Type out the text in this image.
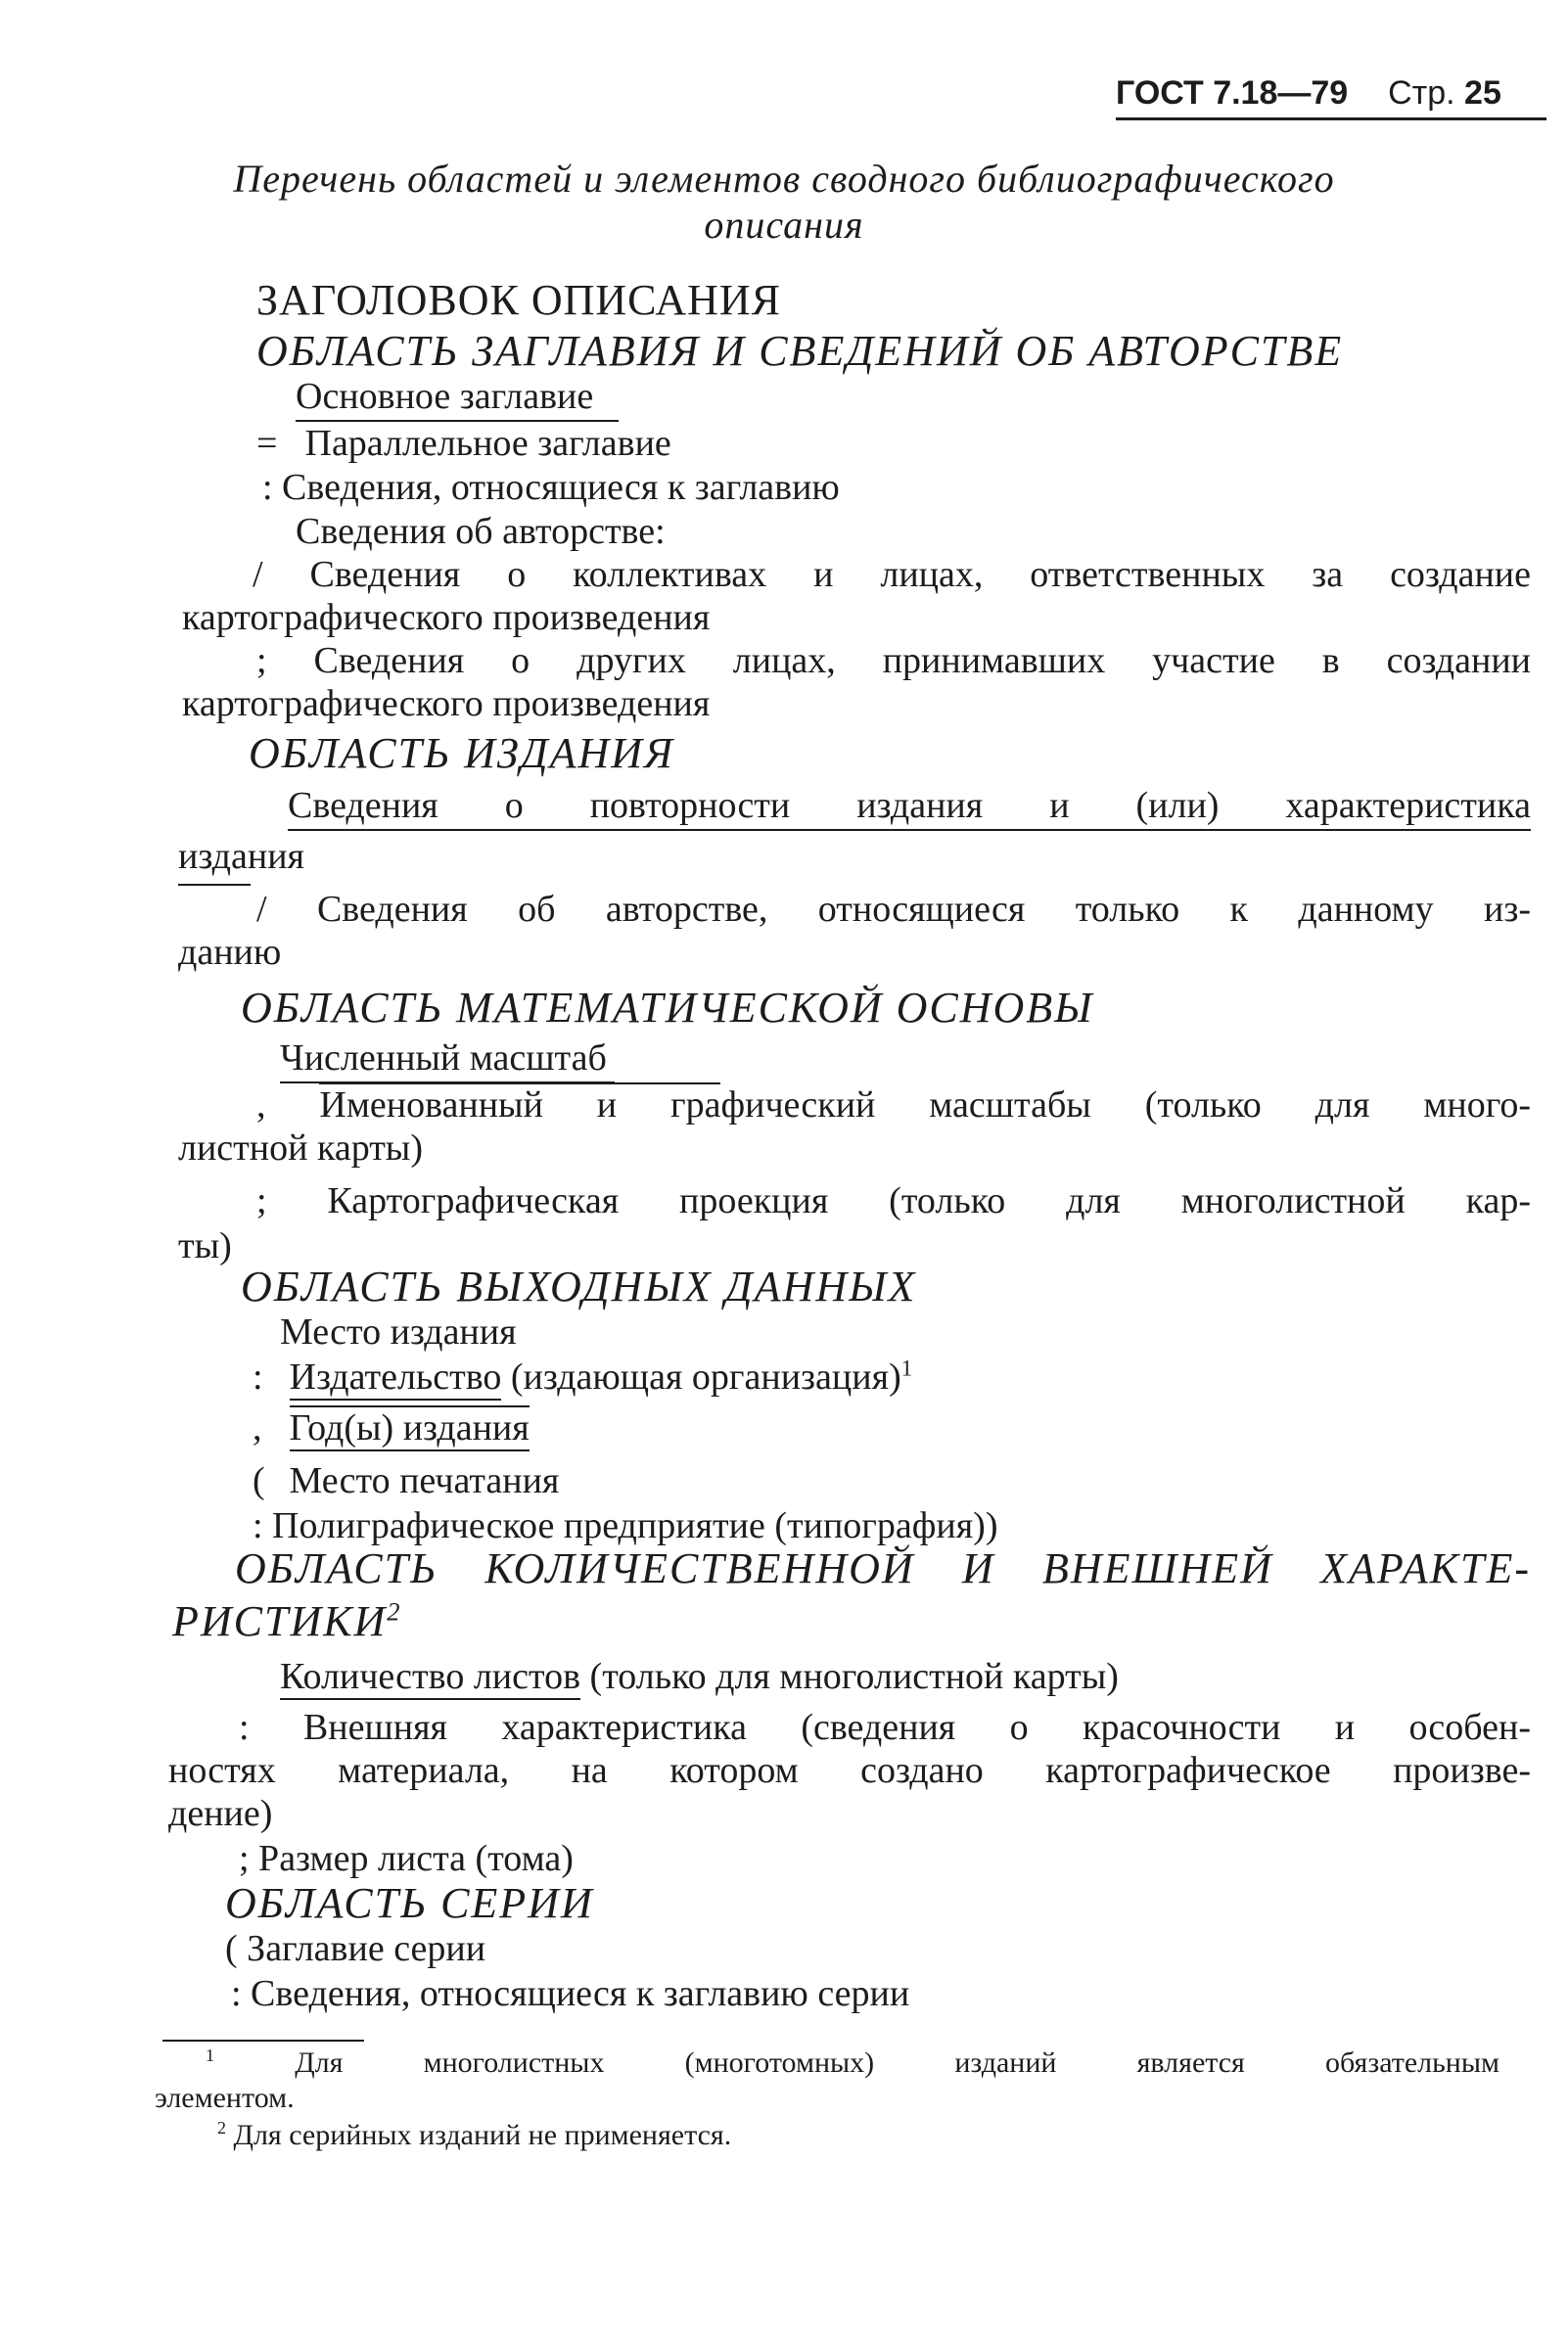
ГОСТ 7.18—79 Стр. 25
Перечень областей и элементов сводного библиографического
описания
ЗАГОЛОВОК ОПИСАНИЯ
ОБЛАСТЬ ЗАГЛАВИЯ И СВЕДЕНИЙ ОБ АВТОРСТВЕ
Основное заглавие
= Параллельное заглавие
: Сведения, относящиеся к заглавию
Сведения об авторстве:
/ Сведения о коллективах и лицах, ответственных за создание
картографического произведения
; Сведения о других лицах, принимавших участие в создании
картографического произведения
ОБЛАСТЬ ИЗДАНИЯ
Сведения о повторности издания и (или) характеристика
издания
/ Сведения об авторстве, относящиеся только к данному из-
данию
ОБЛАСТЬ МАТЕМАТИЧЕСКОЙ ОСНОВЫ
Численный масштаб
, Именованный и графический масштабы (только для много-
листной карты)
; Картографическая проекция (только для многолистной кар-
ты)
ОБЛАСТЬ ВЫХОДНЫХ ДАННЫХ
Место издания
: Издательство (издающая организация)$^1$
, Год(ы) издания
( Место печатания
: Полиграфическое предприятие (типография))
ОБЛАСТЬ КОЛИЧЕСТВЕННОЙ И ВНЕШНЕЙ ХАРАКТЕ-
РИСТИКИ$^2$
Количество листов (только для многолистной карты)
: Внешняя характеристика (сведения о красочности и особен-
ностях материала, на котором создано картографическое произве-
дение)
; Размер листа (тома)
ОБЛАСТЬ СЕРИИ
( Заглавие серии
: Сведения, относящиеся к заглавию серии
$^1$	Для многолистных (многотомных) изданий является обязательным
элементом.
$^2$ Для серийных изданий не применяется.
